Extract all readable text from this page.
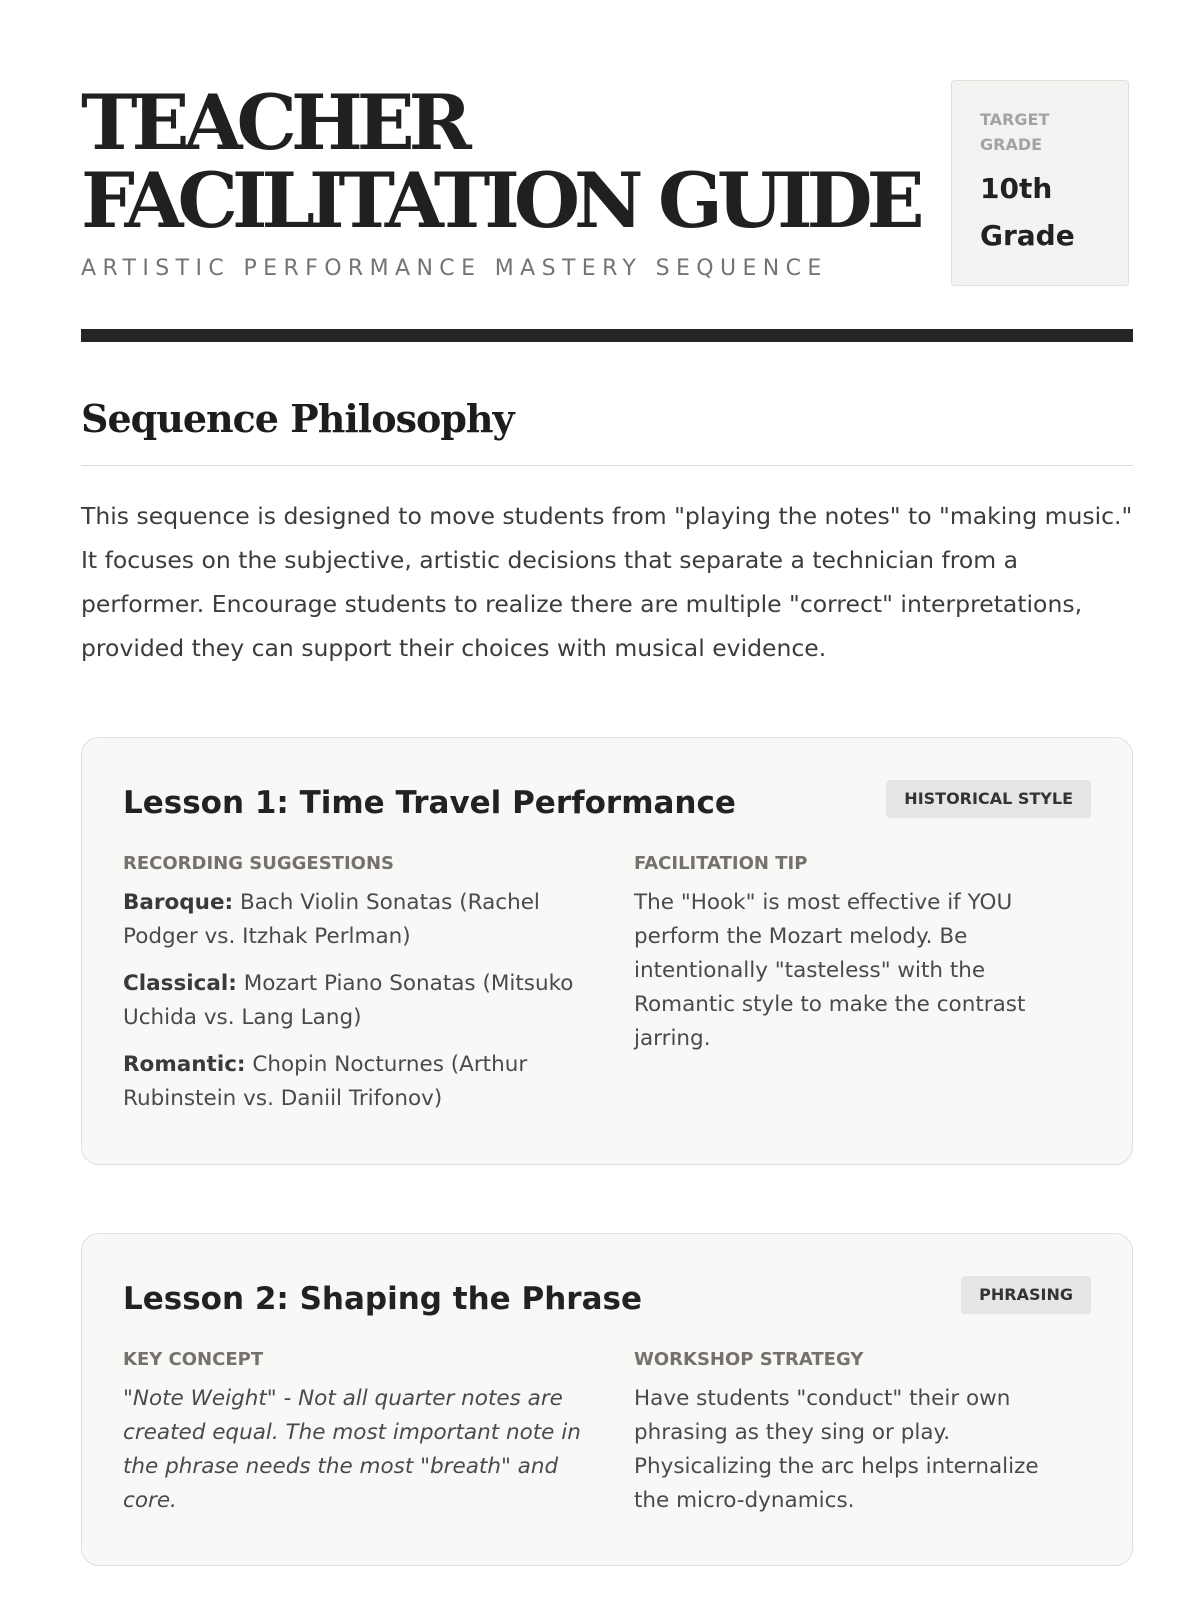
TEACHER
FACILITATION GUIDE
ARTISTIC PERFORMANCE MASTERY SEQUENCE
TARGET GRADE
10th Grade
Sequence Philosophy

This sequence is designed to move students from "playing the notes" to "making music." It focuses on the subjective, artistic decisions that separate a technician from a performer. Encourage students to realize there are multiple "correct" interpretations, provided they can support their choices with musical evidence.

Lesson 1: Time Travel Performance	HISTORICAL STYLE
RECORDING SUGGESTIONS

Baroque: Bach Violin Sonatas (Rachel Podger vs. Itzhak Perlman)

Classical: Mozart Piano Sonatas (Mitsuko Uchida vs. Lang Lang)

Romantic: Chopin Nocturnes (Arthur Rubinstein vs. Daniil Trifonov)

FACILITATION TIP

The "Hook" is most effective if YOU perform the Mozart melody. Be intentionally "tasteless" with the Romantic style to make the contrast jarring.

Lesson 2: Shaping the Phrase	PHRASING
KEY CONCEPT

"Note Weight" - Not all quarter notes are created equal. The most important note in the phrase needs the most "breath" and core.

WORKSHOP STRATEGY

Have students "conduct" their own phrasing as they sing or play. Physicalizing the arc helps internalize the micro-dynamics.
